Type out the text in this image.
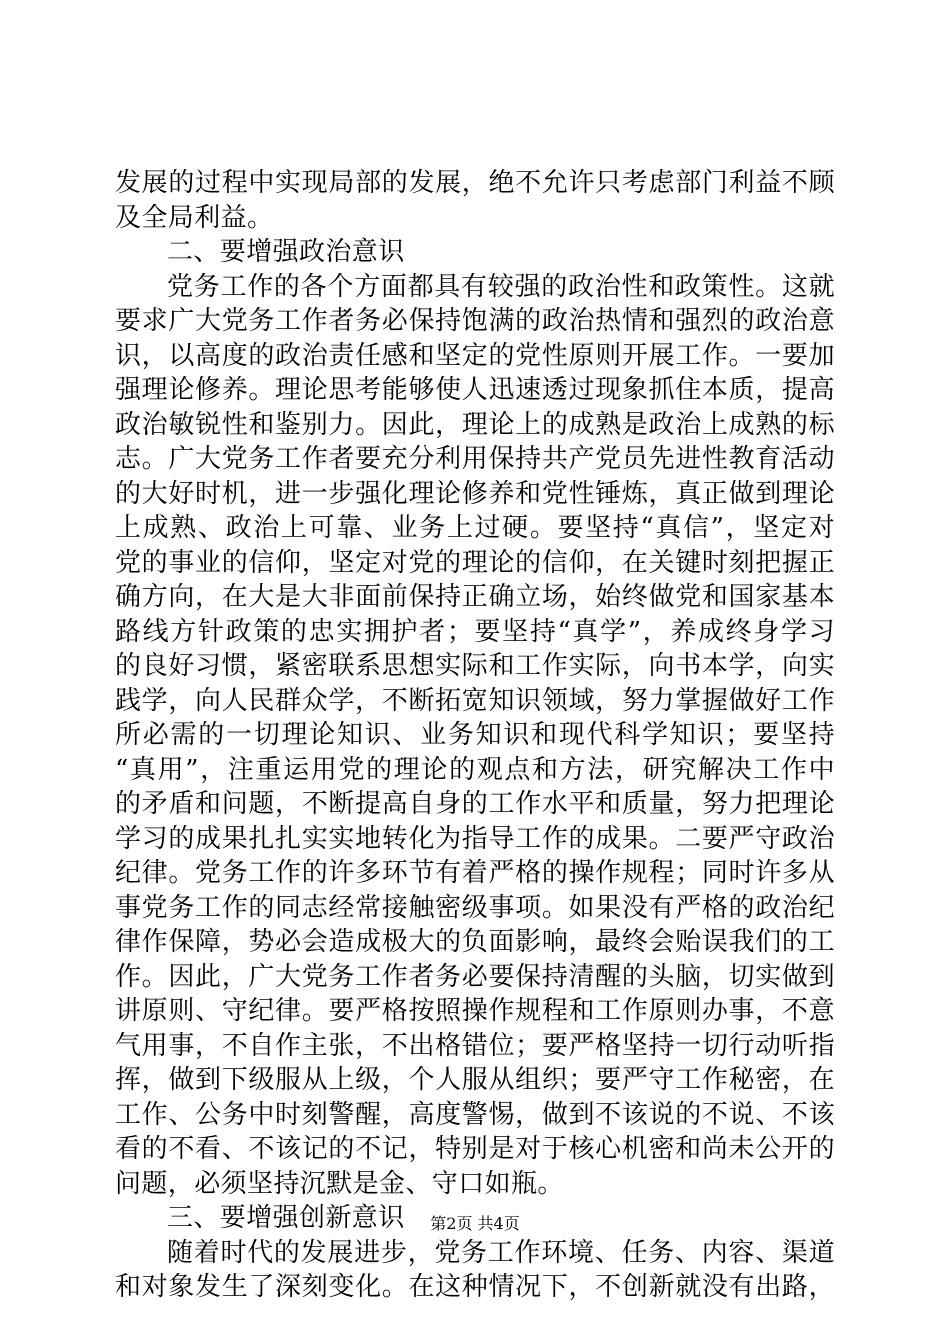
发展的过程中实现局部的发展，绝不允许只考虑部门利益不顾
及全局利益。
二、要增强政治意识
党务工作的各个方面都具有较强的政治性和政策性。这就
要求广大党务工作者务必保持饱满的政治热情和强烈的政治意
识，以高度的政治责任感和坚定的党性原则开展工作。一要加
强理论修养。理论思考能够使人迅速透过现象抓住本质，提高
政治敏锐性和鉴别力。因此，理论上的成熟是政治上成熟的标
志。广大党务工作者要充分利用保持共产党员先进性教育活动
的大好时机，进一步强化理论修养和党性锤炼，真正做到理论
上成熟、政治上可靠、业务上过硬。要坚持“真信”，坚定对
党的事业的信仰，坚定对党的理论的信仰，在关键时刻把握正
确方向，在大是大非面前保持正确立场，始终做党和国家基本
路线方针政策的忠实拥护者；要坚持“真学”，养成终身学习
的良好习惯，紧密联系思想实际和工作实际，向书本学，向实
践学，向人民群众学，不断拓宽知识领域，努力掌握做好工作
所必需的一切理论知识、业务知识和现代科学知识；要坚持
“真用”，注重运用党的理论的观点和方法，研究解决工作中
的矛盾和问题，不断提高自身的工作水平和质量，努力把理论
学习的成果扎扎实实地转化为指导工作的成果。二要严守政治
纪律。党务工作的许多环节有着严格的操作规程；同时许多从
事党务工作的同志经常接触密级事项。如果没有严格的政治纪
律作保障，势必会造成极大的负面影响，最终会贻误我们的工
作。因此，广大党务工作者务必要保持清醒的头脑，切实做到
讲原则、守纪律。要严格按照操作规程和工作原则办事，不意
气用事，不自作主张，不出格错位；要严格坚持一切行动听指
挥，做到下级服从上级，个人服从组织；要严守工作秘密，在
工作、公务中时刻警醒，高度警惕，做到不该说的不说、不该
看的不看、不该记的不记，特别是对于核心机密和尚未公开的
问题，必须坚持沉默是金、守口如瓶。
三、要增强创新意识
随着时代的发展进步，党务工作环境、任务、内容、渠道
和对象发生了深刻变化。在这种情况下，不创新就没有出路，
第2页 共4页
